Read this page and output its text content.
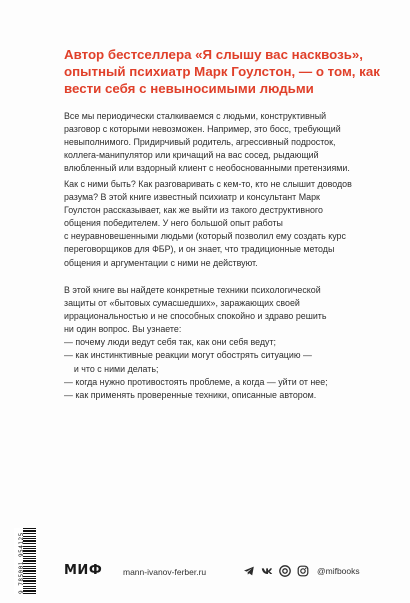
Автор бестселлера «Я слышу вас насквозь»,
опытный психиатр Марк Гоулстон, — о том, как
вести себя с невыносимыми людьми
Все мы периодически сталкиваемся с людьми, конструктивный
разговор с которыми невозможен. Например, это босс, требующий
невыполнимого. Придирчивый родитель, агрессивный подросток,
коллега-манипулятор или кричащий на вас сосед, рыдающий
влюбленный или вздорный клиент с необоснованными претензиями.
Как с ними быть? Как разговаривать с кем-то, кто не слышит доводов
разума? В этой книге известный психиатр и консультант Марк
Гоулстон рассказывает, как же выйти из такого деструктивного
общения победителем. У него большой опыт работы
с неуравновешенными людьми (который позволил ему создать курс
переговорщиков для ФБР), и он знает, что традиционные методы
общения и аргументации с ними не действуют.
В этой книге вы найдете конкретные техники психологической
защиты от «бытовых сумасшедших», заражающих своей
иррациональностью и не способных спокойно и здраво решить
ни один вопрос. Вы узнаете:
— почему люди ведут себя так, как они себя ведут;
— как инстинктивные реакции могут обострять ситуацию —
и что с ними делать;
— когда нужно противостоять проблеме, а когда — уйти от нее;
— как применять проверенные техники, описанные автором.
9 785001 954125	МИФ mann-ivanov-ferber.ru	@mifbooks
